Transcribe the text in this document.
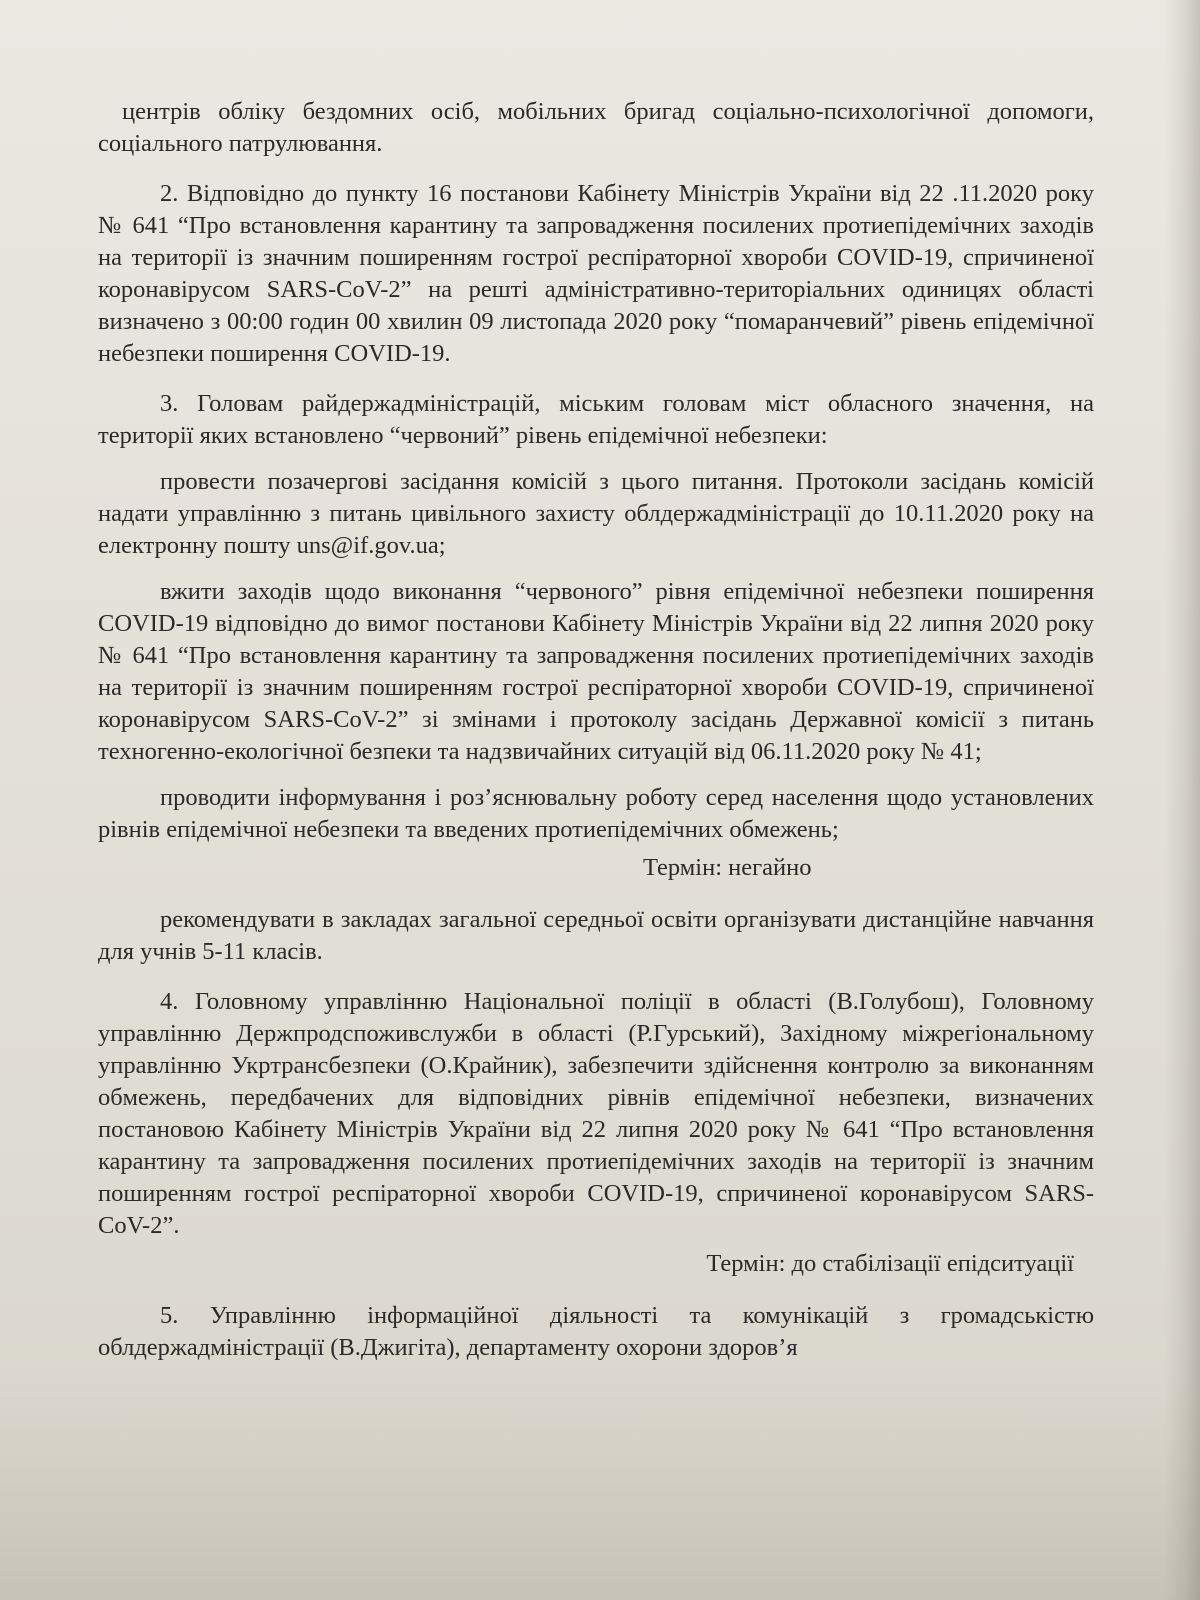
центрів обліку бездомних осіб, мобільних бригад соціально-психологічної допомоги, соціального патрулювання.

2. Відповідно до пункту 16 постанови Кабінету Міністрів України від 22 .11.2020 року № 641 “Про встановлення карантину та запровадження посилених протиепідемічних заходів на території із значним поширенням гострої респіраторної хвороби COVID-19, спричиненої коронавірусом SARS-CoV-2” на решті адміністративно-територіальних одиницях області визначено з 00:00 годин 00 хвилин 09 листопада 2020 року “помаранчевий” рівень епідемічної небезпеки поширення COVID-19.

3. Головам райдержадміністрацій, міським головам міст обласного значення, на території яких встановлено “червоний” рівень епідемічної небезпеки:

провести позачергові засідання комісій з цього питання. Протоколи засідань комісій надати управлінню з питань цивільного захисту облдержадміністрації до 10.11.2020 року на електронну пошту uns@if.gov.ua;

вжити заходів щодо виконання “червоного” рівня епідемічної небезпеки поширення COVID-19 відповідно до вимог постанови Кабінету Міністрів України від 22 липня 2020 року № 641 “Про встановлення карантину та запровадження посилених протиепідемічних заходів на території із значним поширенням гострої респіраторної хвороби COVID-19, спричиненої коронавірусом SARS-CoV-2” зі змінами і протоколу засідань Державної комісії з питань техногенно-екологічної безпеки та надзвичайних ситуацій від 06.11.2020 року № 41;

проводити інформування і роз’яснювальну роботу серед населення щодо установлених рівнів епідемічної небезпеки та введених протиепідемічних обмежень;

Термін: негайно

рекомендувати в закладах загальної середньої освіти організувати дистанційне навчання для учнів 5-11 класів.

4. Головному управлінню Національної поліції в області (В.Голубош), Головному управлінню Держпродспоживслужби в області (Р.Гурський), Західному міжрегіональному управлінню Укртрансбезпеки (О.Крайник), забезпечити здійснення контролю за виконанням обмежень, передбачених для відповідних рівнів епідемічної небезпеки, визначених постановою Кабінету Міністрів України від 22 липня 2020 року № 641 “Про встановлення карантину та запровадження посилених протиепідемічних заходів на території із значним поширенням гострої респіраторної хвороби COVID-19, спричиненої коронавірусом SARS-CoV-2”.

Термін: до стабілізації епідситуації

5. Управлінню інформаційної діяльності та комунікацій з громадськістю облдержадміністрації (В.Джигіта), департаменту охорони здоров’я
